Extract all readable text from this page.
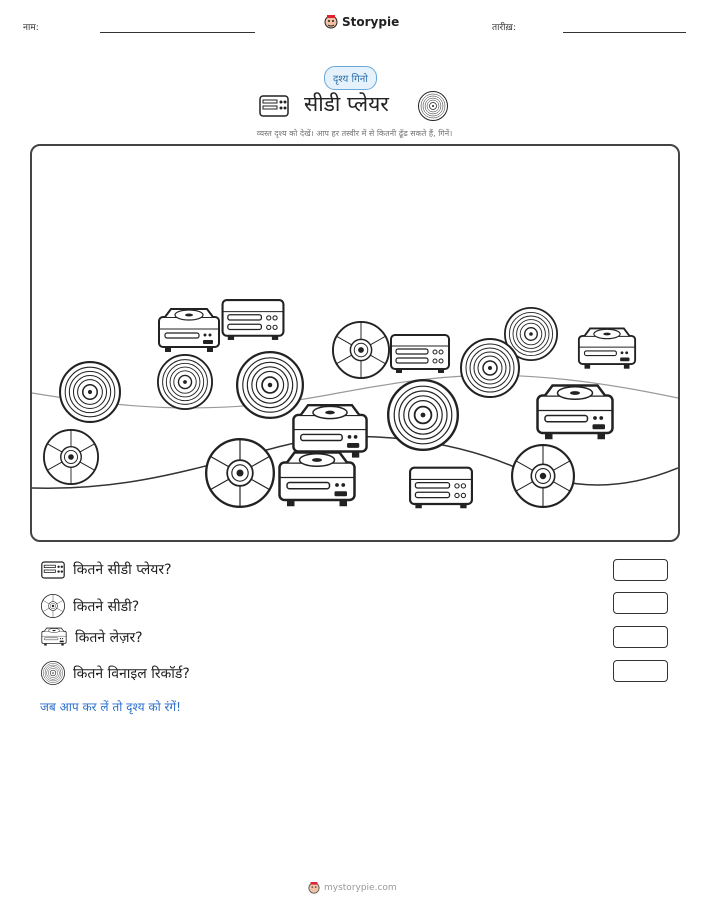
नाम:	Storypie	तारीख़:
दृश्य गिनो
सीडी प्लेयर
व्यस्त दृश्य को देखें। आप हर तस्वीर में से कितनी ढूँढ सकते हैं, गिनें।
कितने सीडी प्लेयर?
कितने सीडी?
कितने लेज़र?
कितने विनाइल रिकॉर्ड?
जब आप कर लें तो दृश्य को रंगें!
mystorypie.com
